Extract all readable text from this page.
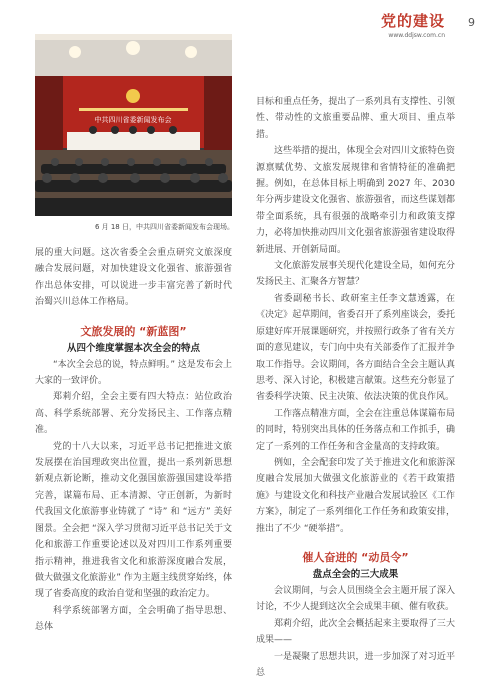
党的建设
www.ddjsw.com.cn
9
中共四川省委新闻发布会
6 月 18 日，中共四川省委新闻发布会现场。

展的重大问题。这次省委全会重点研究文旅深度融合发展问题，对加快建设文化强省、旅游强省作出总体安排，可以说进一步丰富完善了新时代治蜀兴川总体工作格局。

文旅发展的 “新蓝图”
从四个维度掌握本次全会的特点

“本次全会总的说，特点鲜明。” 这是发布会上大家的一致评价。

郑莉介绍，全会主要有四大特点：站位政治高、科学系统部署、充分发扬民主、工作落点精准。

党的十八大以来，习近平总书记把推进文旅发展摆在治国理政突出位置，提出一系列新思想新观点新论断，推动文化强国旅游强国建设举措完善，谋篇布局、正本清源、守正创新，为新时代我国文化旅游事业铸就了 “诗” 和 “远方” 美好图景。全会把 “深入学习贯彻习近平总书记关于文化和旅游工作重要论述以及对四川工作系列重要指示精神，推进我省文化和旅游深度融合发展，做大做强文化旅游业” 作为主题主线贯穿始终，体现了省委高度的政治自觉和坚强的政治定力。

科学系统部署方面，全会明确了指导思想、总体

目标和重点任务，提出了一系列具有支撑性、引领性、带动性的文旅重要品牌、重大项目、重点举措。

这些举措的提出，体现全会对四川文旅特色资源禀赋优势、文旅发展规律和省情特征的准确把握。例如，在总体目标上明确到 2027 年、2030 年分两步建设文化强省、旅游强省，而这些谋划都带全面系统，具有很强的战略牵引力和政策支撑力，必将加快推动四川文化强省旅游强省建设取得新进展、开创新局面。

文化旅游发展事关现代化建设全局，如何充分发扬民主、汇聚各方智慧？

省委副秘书长、政研室主任李文慧透露，在《决定》起草期间，省委召开了系列座谈会，委托原建好库开展课题研究，并按照行政条了省有关方面的意见建议，专门向中央有关部委作了汇报并争取工作指导。会议期间，各方面结合全会主题认真思考、深入讨论，积极建言献策。这些充分彰显了省委科学决策、民主决策、依法决策的优良作风。

工作落点精准方面，全会在注重总体谋篇布局的同时，特别突出具体的任务落点和工作抓手，确定了一系列的工作任务和含金量高的支持政策。

例如，全会配套印发了关于推进文化和旅游深度融合发展加大做强文化旅游业的《若干政策措施》与建设文化和科技产业融合发展试验区《工作方案》，制定了一系列细化工作任务和政策安排，推出了不少 “硬举措”。

催人奋进的 “动员令”
盘点全会的三大成果

会议期间，与会人员围绕全会主题开展了深入讨论，不少人提到这次全会成果丰硕、催有收获。

郑莉介绍，此次全会概括起来主要取得了三大成果——

一是凝聚了思想共识，进一步加深了对习近平总
